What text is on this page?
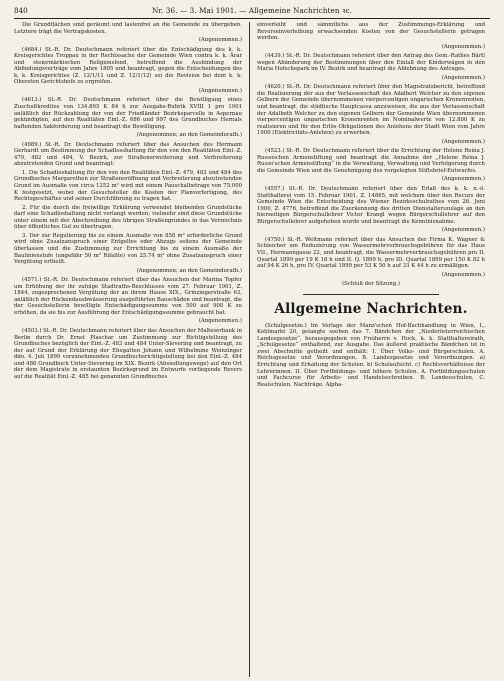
840	Nr. 36. — 3. Mai 1901. — Allgemeine Nachrichten ꝛc.

Die Grundflächen sind geräumt und lastenfrei an die Gemeinde zu übergeben. Letztere trägt die Vertragskosten.

(Angenommen.)

(4684.) St.-R. Dr. Deutschmann referiert über die Entschädigung des k. k. Kreisgerichtes Troppau in der Rechtssache der Gemeinde Wien contra k. k. Ärar und steiermärkischen Religionsfond, betreffend die Ausbindung der Abfindungsverträge vom Jahre 1805 und beantragt, gegen die Entscheidungen des k. k. Kreisgerichtes (Z. 12/1/11 und Z. 12/1/12) sei die Revision bei dem k. k. Obersten Gerichtshofe zu ergreifen.

(Angenommen.)

(4613.) St.-R. Dr. Deutschmann referiert über die Bewilligung eines Zuschußkredites von 134.895 K 84 h zur Ausgabs-Rubrik XVIII 1 pro 1901 anläßlich der Rückzahlung der von der Friedländer Bezirksparcelle in Aspernau gekündigten, auf den Realitäten Einl.-Z. 686 und 997 des Grundbuches Hernals haftenden Sakforderung und beantragt die Bewilligung.

(Angenommen; an den Gemeinderath.)

(4989.) St.-R. Dr. Deutschmann referiert über das Ansuchen des Hermann Gerhardt um Bestimmung der Schadlosshaltung für den von den Realitäten Einl.-Z. 479, 482 und 484, V. Bezirk, zur Straßenerweiterung und Verbreiterung abzutretenden Grund und beantragt:

1. Die Schadloshaltung für den von den Realitäten Einl.-Z. 479, 482 und 484 des Grundbuches Margarethen zur Straßeneröffnung und Verbreiterung abzutretenden Grund im Ausmaße von circa 1252 m² wird mit einem Pauschalbetrage von 75.000 K festgesetzt, wobei der Gesuchsteller die Kosten der Planverfertigung, des Rechtsgeschäftes und seiner Durchführung zu tragen hat.

2. Für die durch die freiwillige Erklärung verwendet bleibenden Grundstücke darf eine Schadloshaltung nicht verlangt werden; vielmehr sind diese Grundstücke unter einem mit der Abschreibung des übrigen Straßengrundes in das Verzeichnis über öffentliches Gut zu übertragen.

3. Der zur Regulierung bis zu einem Ausmaße von 858 m² erforderliche Grund wird ohne Zusatzanspruch einer Entgeltes oder Abzugs seitens der Gemeinde überlassen und die Zustimmung zur Errichtung bis zu einem Ausmaße der Baulinienstufe (ungefähr 50 m² Rifalite) von 25.74 m² ohne Zusatzanspruch einer Vergütung ertheilt.

(Angenommen; an den Gemeinderath.)

(4571.) St.-R. Dr. Deutschmann referiert über das Ansuchen der Marina Topfer um Erhöhung der ihr zufolge Stadtraths-Beschlusses vom 27. Februar 1901, Z. 1844, zugesprochenen Vergütung der an ihrem Hause XIX., Grinzingerstraße 63, anläßlich der Rückendausbwässerung ausgeführten Bauschäden und beantragt, die der Gesuchstellerin bewilligte Entschädigungssumme von 500 auf 900 K zu erhöhen, da sie bis zur Ausführung der Entschädigungssumme gebraucht hat.

(Angenommen.)

(4503.) St.-R. Dr. Deutschmann referiert über das Ansuchen der Malteserbank in Berlin durch Dr. Ernst Plaschar um Zustimmung zur Richtigstellung des Grundbuches bezüglich der Einl.-Z. 483 und 484 Unter-Sievering und beantragt, zu der auf Grund der Erklärung der Ehegatten Johann und Wilhelmine Weinzinger ddo. 4. Juli 1899 vorzunehmenden Grundbuchsrichtigstellung bei den Einl.-Z. 484 und 486 Grundbuch Unter-Sievering im XIX. Bezirk (Absiedlungswege) auf den Ort der dem Magistrate in erstaunten Bezirksgrund im Entwurfe vorliegende Revers auf die Realität Einl.-Z. 485 bei genannten Grundbuches

einverleibt und sämmtliche aus der Zustimmungs-Erklärung und Reverseinverleibung erwachsenden Kosten von der Gesuchstellerin getragen werden.

(Angenommen.)

(4439.) St.-R. Dr. Deutschmann referiert über den Antrag des Gem.-Rathes Bärtl wegen Abänderung der Bestimmungen über den Einlaß der Kinderwägen in den Maria Hofschepark im IV. Bezirk und beantragt die Ablehnung des Antrages.

(Angenommen.)

(4620.) St.-R. Dr. Deutschmann referiert über den Magistratsbericht, betreffend die Realisierung der aus der Verlassenschaft des Adalbert Welcher zu den eigenen Gelbern der Gemeinde übernommenen vierpercentigen ungarischen Kronenrenten, und beantragt, die städtische Hauptcassa anzuweisen, die aus der Verlassenschaft der Adalbeth Welcher zu den eigenen Gelbern der Gemeinde Wien übernommenen vierpercentigen ungarischen Kronenrenten im Nominalwerte von 12.800 K zu realisieren und für den Erlös Obligationen des Anlehens der Stadt Wien vom Jahre 1900 (Elektricitäts-Anlehen) zu erwerben.

(Angenommen.)

(4523.) St.-R. Dr. Deutschmann referiert über die Errichtung der Helene Reina J. Russoschen Armenstiftung und beantragt die Annahme der „Helene Reina J. Russo'schen Armenstiftung“ in die Verwaltung, Verwaltung und Verfolgerung durch die Gemeinde Wien und die Genehmigung des vorgelegten Stiftsbrief-Entwurfes.

(Angenommen.)

(4557.) St.-R. Dr. Deutschmann referiert über den Erlaß des k. k. n.-ö. Statthalterei vom 15. Februar 1901, Z. 14865, mit welchem über den Recurs der Gemeinde Wien die Entscheidung des Wiener Bezirksschulrathes vom 26. Juni 1900, Z. 4776, betreffend die Zuerkennung des dritten Dienstalterszulage an den hierzeitigen Bürgerschullehrer Victor Krangl wegen Bürgerschullehrer auf den Bürgerschullehrer aufgehoben wurde und beantragt die Kenntnisnahme.

(Angenommen.)

(4750.) St.-R. Weltmann referiert über das Ansuchen der Firma K. Wagner & Schleicher um Reduzierung von Wassermehrverbrauchsgebühren für das Haus VII., Hermanngasse 22, und beantragt, die Wassermehrverbrauchsgebühren pro II. Quartal 1899 per 19 K 18 h und II. Q. 1899 h, pro III. Quartal 1899 per 150 K 82 h auf 94 K 26 h, pro IV. Quartal 1899 per 53 K 50 h auf 33 K 44 h zu ermäßigen.

(Angenommen.)

(Schluß der Sitzung.)

Allgemeine Nachrichten.

(Schulgesetze.) Im Verlage der Manz'schen Hof-Buchhandlung in Wien, I., Kohlmarkt 20, gelangte soeben das 7. Bändchen der „Niederösterreichischen Landesgesetze“, herausgegeben von Freiherrn v. Hock, k. k. Statthaltereirath, „Schulgesetze“ enthaltend, zur Ausgabe. Das äußerst praktische Bändchen ist in zwei Abschnitte getheilt und enthält: I. Über Volks- und Bürgerschulen. A. Reichsgesetze und Verordnungen. B. Landesgesetze und Verordnungen. a) Errichtung und Erhaltung der Schulen. b) Schulaufsicht. c) Rechtsverhältnisse der Lehrerinnen. II. Über Fortbildungs- und höhere Schulen. A. Fortbildungsschulen und Fachcurse für Arbeits- und Handelsschreiben. B. Landesschulen. C. Realschulen. Nachträge. Alpha-
